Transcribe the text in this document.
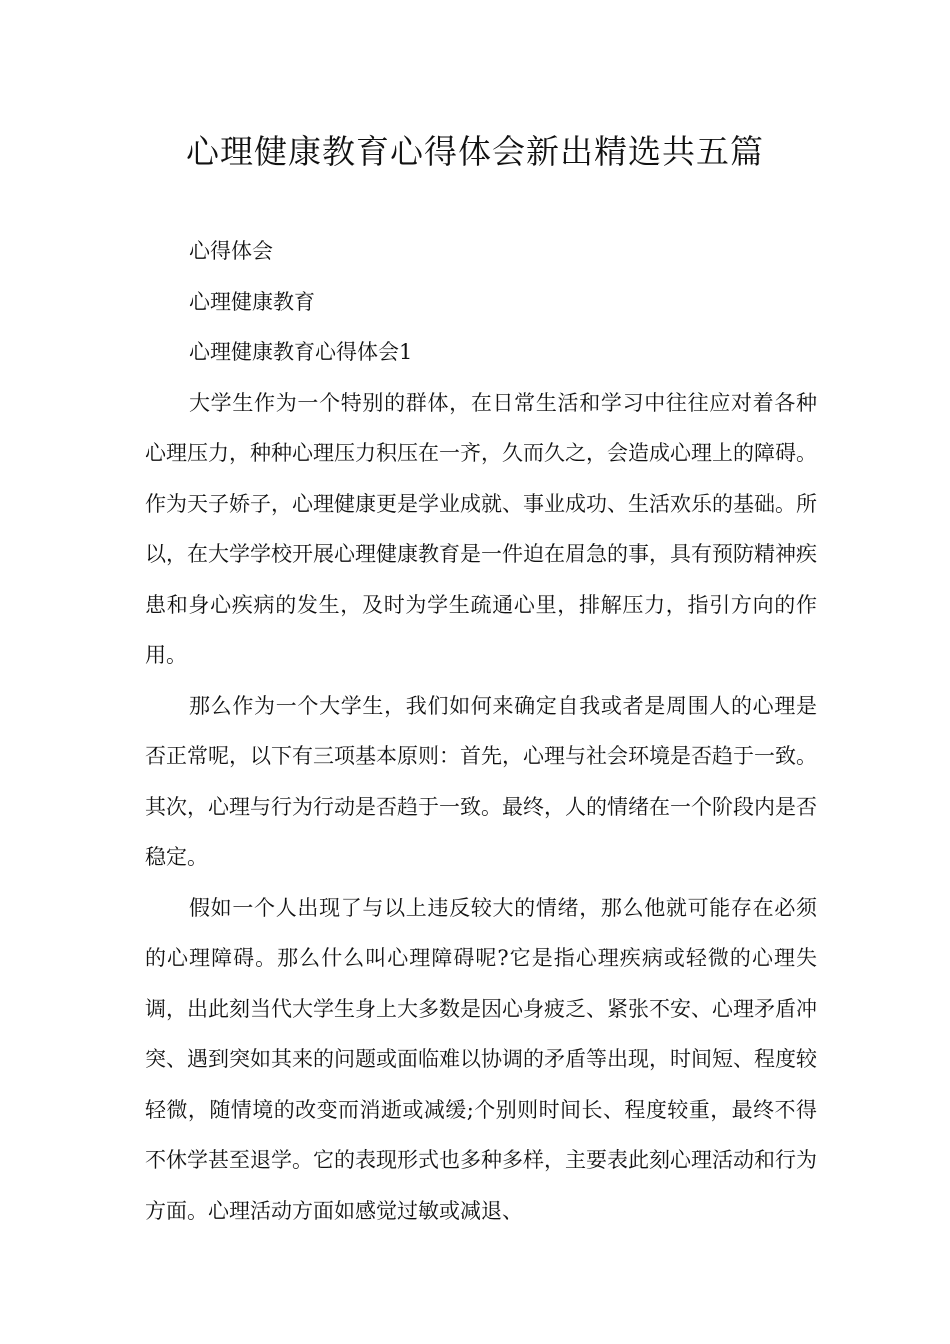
心理健康教育心得体会新出精选共五篇

心得体会

心理健康教育

心理健康教育心得体会1

大学生作为一个特别的群体，在日常生活和学习中往往应对着各种心理压力，种种心理压力积压在一齐，久而久之，会造成心理上的障碍。作为天子娇子，心理健康更是学业成就、事业成功、生活欢乐的基础。所以，在大学学校开展心理健康教育是一件迫在眉急的事，具有预防精神疾患和身心疾病的发生，及时为学生疏通心里，排解压力，指引方向的作用。

那么作为一个大学生，我们如何来确定自我或者是周围人的心理是否正常呢，以下有三项基本原则：首先，心理与社会环境是否趋于一致。其次，心理与行为行动是否趋于一致。最终，人的情绪在一个阶段内是否稳定。

假如一个人出现了与以上违反较大的情绪，那么他就可能存在必须的心理障碍。那么什么叫心理障碍呢?它是指心理疾病或轻微的心理失调，出此刻当代大学生身上大多数是因心身疲乏、紧张不安、心理矛盾冲突、遇到突如其来的问题或面临难以协调的矛盾等出现，时间短、程度较轻微，随情境的改变而消逝或减缓;个别则时间长、程度较重，最终不得不休学甚至退学。它的表现形式也多种多样，主要表此刻心理活动和行为方面。心理活动方面如感觉过敏或减退、
